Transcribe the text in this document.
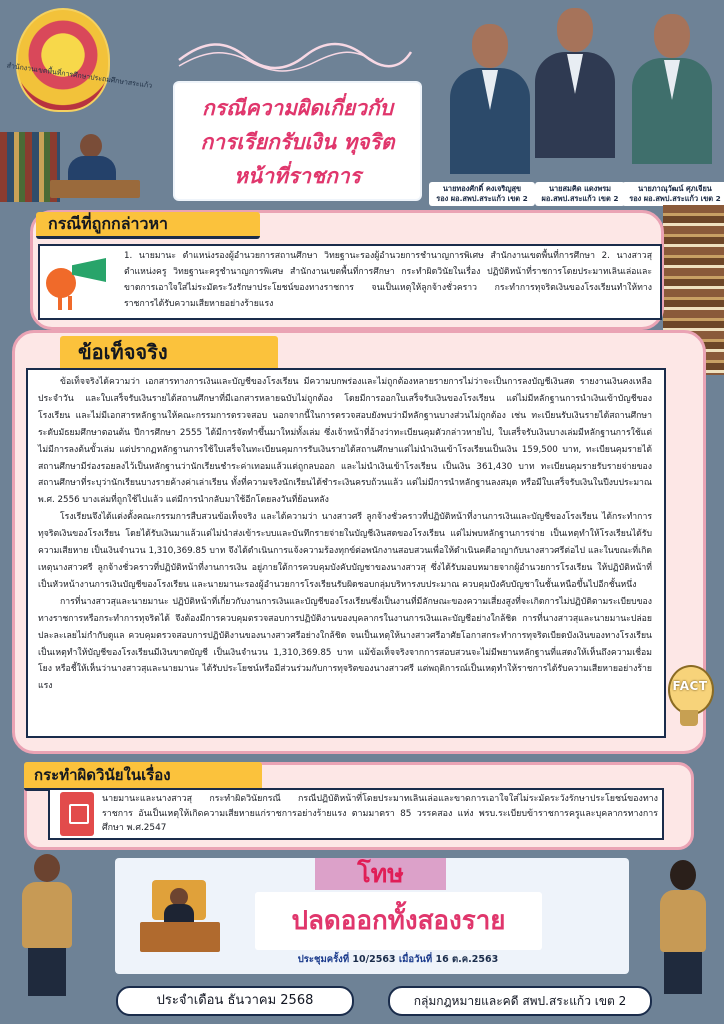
สำนักงานเขตพื้นที่การศึกษาประถมศึกษาสระแก้ว
กรณีความผิดเกี่ยวกับ
การเรียกรับเงิน ทุจริต
หน้าที่ราชการ
นายทองศักดิ์ คงเจริญสุข
รอง ผอ.สพป.สระแก้ว เขต 2
นายสมคิด แดงพรม
ผอ.สพป.สระแก้ว เขต 2
นายภาณุวัฒน์ ศุภเจียน
รอง ผอ.สพป.สระแก้ว เขต 2
กรณีที่ถูกกล่าวหา
1. นายมานะ ตำแหน่งรองผู้อำนวยการสถานศึกษา วิทยฐานะรองผู้อำนวยการชำนาญการพิเศษ สำนักงานเขตพื้นที่การศึกษา 2. นางสาวสุ ตำแหน่งครู วิทยฐานะครูชำนาญการพิเศษ สำนักงานเขตพื้นที่การศึกษา กระทำผิดวินัยในเรื่อง ปฏิบัติหน้าที่ราชการโดยประมาทเลินเล่อและขาดการเอาใจใส่ไม่ระมัดระวังรักษาประโยชน์ของทางราชการ จนเป็นเหตุให้ลูกจ้างชั่วคราว กระทำการทุจริตเงินของโรงเรียนทำให้ทางราชการได้รับความเสียหายอย่างร้ายแรง
ข้อเท็จจริง

ข้อเท็จจริงได้ความว่า เอกสารทางการเงินและบัญชีของโรงเรียน มีความบกพร่องและไม่ถูกต้องหลายรายการไม่ว่าจะเป็นการลงบัญชีเงินสด รายงานเงินคงเหลือประจำวัน และใบเสร็จรับเงินรายได้สถานศึกษาที่มีเอกสารหลายฉบับไม่ถูกต้อง โดยมีการออกใบเสร็จรับเงินของโรงเรียน แต่ไม่มีหลักฐานการนำเงินเข้าบัญชีของโรงเรียน และไม่มีเอกสารหลักฐานให้คณะกรรมการตรวจสอบ นอกจากนี้ในการตรวจสอบยังพบว่ามีหลักฐานบางส่วนไม่ถูกต้อง เช่น ทะเบียนรับเงินรายได้สถานศึกษาระดับมัธยมศึกษาตอนต้น ปีการศึกษา 2555 ได้มีการจัดทำขึ้นมาใหม่ทั้งเล่ม ซึ่งเจ้าหน้าที่อ้างว่าทะเบียนคุมตัวกล่าวหายไป, ใบเสร็จรับเงินบางเล่มมีหลักฐานการใช้แต่ไม่มีการลงต้นขั้วเล่ม แต่ปรากฏหลักฐานการใช้ใบเสร็จในทะเบียนคุมการรับเงินรายได้สถานศึกษาแต่ไม่นำเงินเข้าโรงเรียนเป็นเงิน 159,500 บาท, ทะเบียนคุมรายได้สถานศึกษามีร่องรอยลงไว้เป็นหลักฐานว่านักเรียนชำระค่าเทอมแล้วแต่ถูกลบออก และไม่นำเงินเข้าโรงเรียน เป็นเงิน 361,430 บาท ทะเบียนคุมรายรับรายจ่ายของสถานศึกษาที่ระบุว่านักเรียนบางรายค้างค่าเล่าเรียน ทั้งที่ความจริงนักเรียนได้ชำระเงินครบถ้วนแล้ว แต่ไม่มีการนำหลักฐานลงสมุด หรือมีใบเสร็จรับเงินในปีงบประมาณ พ.ศ. 2556 บางเล่มที่ถูกใช้ไปแล้ว แต่มีการนำกลับมาใช้อีกโดยลงวันที่ย้อนหลัง

โรงเรียนจึงได้แต่งตั้งคณะกรรมการสืบสวนข้อเท็จจริง และได้ความว่า นางสาวศรี ลูกจ้างชั่วคราวที่ปฏิบัติหน้าที่งานการเงินและบัญชีของโรงเรียน ได้กระทำการทุจริตเงินของโรงเรียน โดยได้รับเงินมาแล้วแต่ไม่นำส่งเข้าระบบและบันทึกรายจ่ายในบัญชีเงินสดของโรงเรียน แต่ไม่พบหลักฐานการจ่าย เป็นเหตุทำให้โรงเรียนได้รับความเสียหาย เป็นเงินจำนวน 1,310,369.85 บาท จึงได้ดำเนินการแจ้งความร้องทุกข์ต่อพนักงานสอบสวนเพื่อให้ดำเนินคดีอาญากับนางสาวศรีต่อไป และในขณะที่เกิดเหตุนางสาวศรี ลูกจ้างชั่วคราวที่ปฏิบัติหน้าที่งานการเงิน อยู่ภายใต้การควบคุมบังคับบัญชาของนางสาวสุ ซึ่งได้รับมอบหมายจากผู้อำนวยการโรงเรียน ให้ปฏิบัติหน้าที่เป็นหัวหน้างานการเงินบัญชีของโรงเรียน และนายมานะรองผู้อำนวยการโรงเรียนรับผิดชอบกลุ่มบริหารงบประมาณ ควบคุมบังคับบัญชาในชั้นเหนือขึ้นไปอีกชั้นหนึ่ง

การที่นางสาวสุและนายมานะ ปฏิบัติหน้าที่เกี่ยวกับงานการเงินและบัญชีของโรงเรียนซึ่งเป็นงานที่มีลักษณะของความเสี่ยงสูงที่จะเกิดการไม่ปฏิบัติตามระเบียบของทางราชการหรือกระทำการทุจริตได้ จึงต้องมีการควบคุมตรวจสอบการปฏิบัติงานของบุคลากรในงานการเงินและบัญชีอย่างใกล้ชิด การที่นางสาวสุและนายมานะปล่อยปละละเลยไม่กำกับดูแล ควบคุมตรวจสอบการปฏิบัติงานของนางสาวศรีอย่างใกล้ชิด จนเป็นเหตุให้นางสาวศรีอาศัยโอกาสกระทำการทุจริตเบียดบังเงินของทางโรงเรียนเป็นเหตุทำให้บัญชีของโรงเรียนมีเงินขาดบัญชี เป็นเงินจำนวน 1,310,369.85 บาท แม้ข้อเท็จจริงจากการสอบสวนจะไม่มีพยานหลักฐานที่แสดงให้เห็นถึงความเชื่อมโยง หรือชี้ให้เห็นว่านางสาวสุและนายมานะ ได้รับประโยชน์หรือมีส่วนร่วมกับการทุจริตของนางสาวศรี แต่พฤติการณ์เป็นเหตุทำให้ราชการได้รับความเสียหายอย่างร้ายแรง	FACT
กระทำผิดวินัยในเรื่อง
นายมานะและนางสาวสุ กระทำผิดวินัยกรณี กรณีปฏิบัติหน้าที่โดยประมาทเลินเล่อและขาดการเอาใจใส่ไม่ระมัดระวังรักษาประโยชน์ของทางราชการ อันเป็นเหตุให้เกิดความเสียหายแก่ราชการอย่างร้ายแรง ตามมาตรา 85 วรรคสอง แห่ง พรบ.ระเบียบข้าราชการครูและบุคลากรทางการศึกษา พ.ศ.2547
โทษ
ปลดออกทั้งสองราย
ประชุมครั้งที่ 10/2563 เมื่อวันที่ 16 ต.ค.2563
ประจำเดือน ธันวาคม 2568	กลุ่มกฎหมายและคดี สพป.สระแก้ว เขต 2
